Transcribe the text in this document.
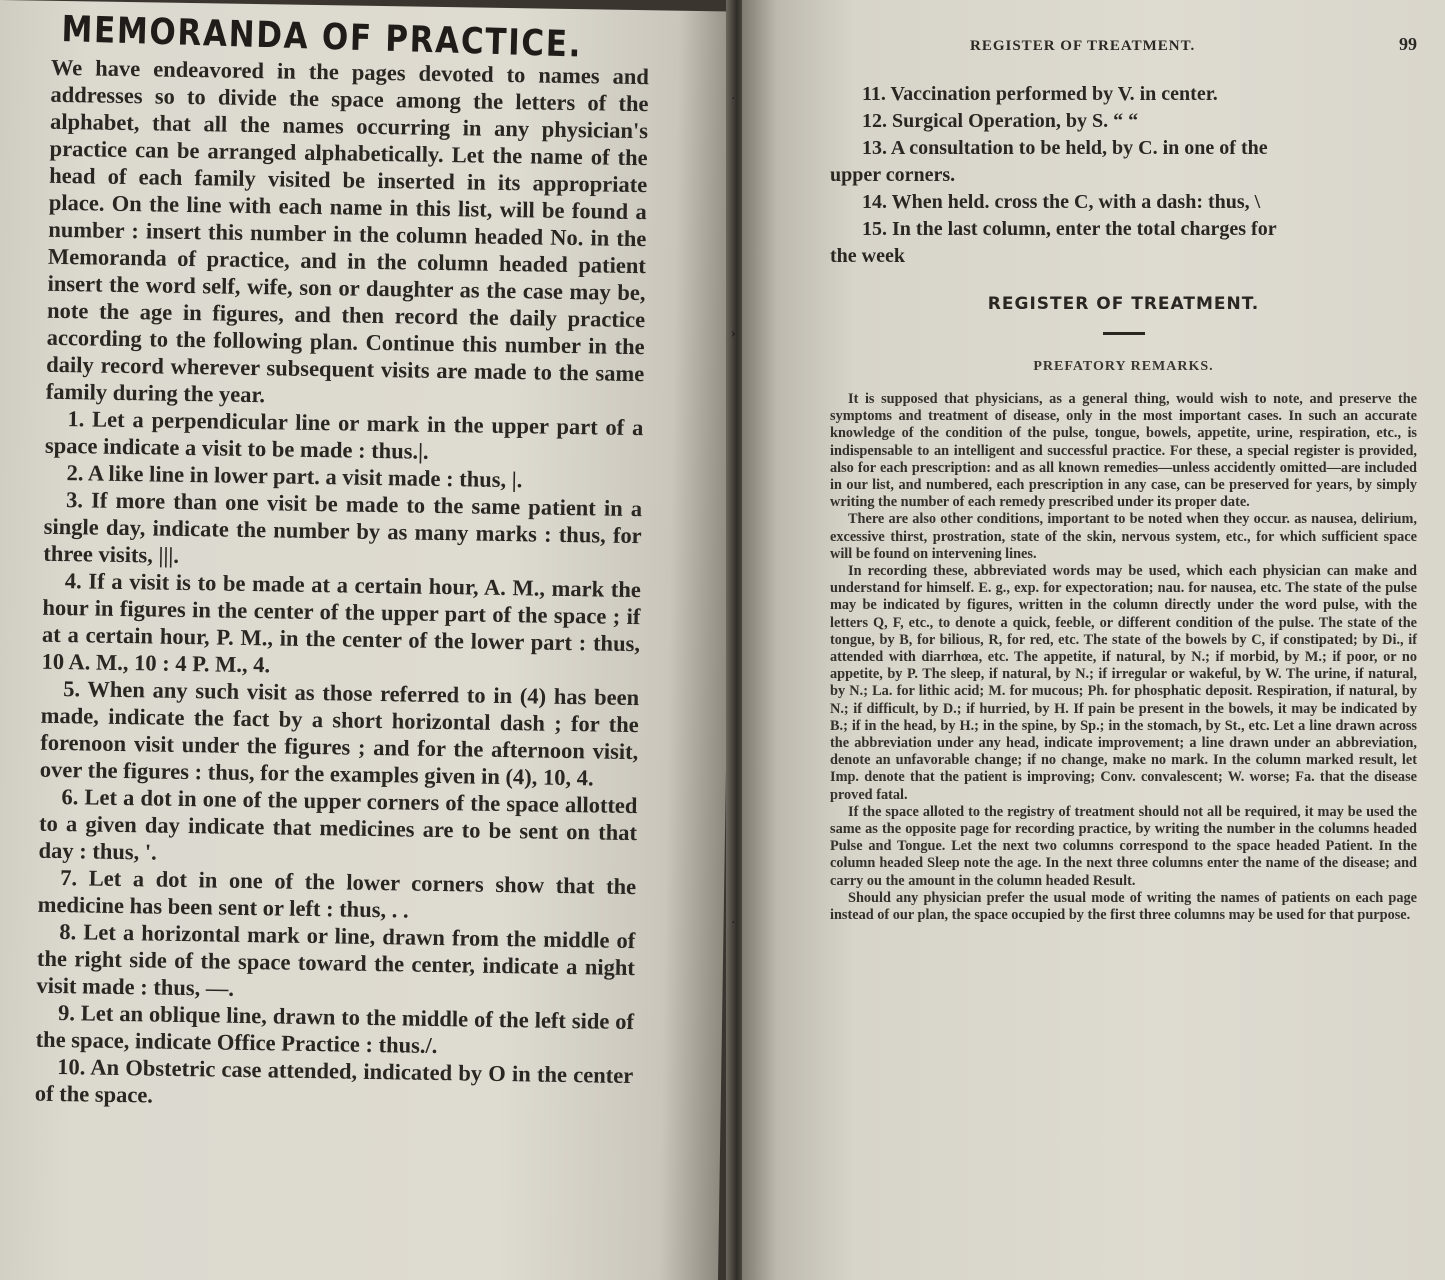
MEMORANDA OF PRACTICE.

We have endeavored in the pages devoted to names and addresses so to divide the space among the letters of the alphabet, that all the names occurring in any physician's practice can be arranged alphabetically. Let the name of the head of each family visited be inserted in its appropriate place. On the line with each name in this list, will be found a number : insert this number in the column headed No. in the Memoranda of practice, and in the column headed patient insert the word self, wife, son or daughter as the case may be, note the age in figures, and then record the daily practice according to the following plan. Continue this number in the daily record wherever subsequent visits are made to the same family during the year.

1. Let a perpendicular line or mark in the upper part of a space indicate a visit to be made : thus.|.

2. A like line in lower part. a visit made : thus, |.

3. If more than one visit be made to the same patient in a single day, indicate the number by as many marks : thus, for three visits, |||.

4. If a visit is to be made at a certain hour, A. M., mark the hour in figures in the center of the upper part of the space ; if at a certain hour, P. M., in the center of the lower part : thus, 10 A. M., 10 : 4 P. M., 4.

5. When any such visit as those referred to in (4) has been made, indicate the fact by a short horizontal dash ; for the forenoon visit under the figures ; and for the afternoon visit, over the figures : thus, for the examples given in (4), 10, 4.

6. Let a dot in one of the upper corners of the space allotted to a given day indicate that medicines are to be sent on that day : thus, '.

7. Let a dot in one of the lower corners show that the medicine has been sent or left : thus, . .

8. Let a horizontal mark or line, drawn from the middle of the right side of the space toward the center, indicate a night visit made : thus, —.

9. Let an oblique line, drawn to the middle of the left side of the space, indicate Office Practice : thus./.

10. An Obstetric case attended, indicated by O in the center of the space.

›
·
·
REGISTER OF TREATMENT.	99

11. Vaccination performed by V. in center.

12. Surgical Operation, by S. “ “

13. A consultation to be held, by C. in one of the

upper corners.

14. When held. cross the C, with a dash: thus, \

15. In the last column, enter the total charges for

the week

REGISTER OF TREATMENT.
PREFATORY REMARKS.

It is supposed that physicians, as a general thing, would wish to note, and preserve the symptoms and treatment of disease, only in the most important cases. In such an accurate knowledge of the condition of the pulse, tongue, bowels, appetite, urine, respiration, etc., is indispensable to an intelligent and successful practice. For these, a special register is provided, also for each prescription: and as all known remedies—unless accidently omitted—are included in our list, and numbered, each prescription in any case, can be preserved for years, by simply writing the number of each remedy prescribed under its proper date.

There are also other conditions, important to be noted when they occur. as nausea, delirium, excessive thirst, prostration, state of the skin, nervous system, etc., for which sufficient space will be found on intervening lines.

In recording these, abbreviated words may be used, which each physician can make and understand for himself. E. g., exp. for expectoration; nau. for nausea, etc. The state of the pulse may be indicated by figures, written in the column directly under the word pulse, with the letters Q, F, etc., to denote a quick, feeble, or different condition of the pulse. The state of the tongue, by B, for bilious, R, for red, etc. The state of the bowels by C, if constipated; by Di., if attended with diarrhœa, etc. The appetite, if natural, by N.; if morbid, by M.; if poor, or no appetite, by P. The sleep, if natural, by N.; if irregular or wakeful, by W. The urine, if natural, by N.; La. for lithic acid; M. for mucous; Ph. for phosphatic deposit. Respiration, if natural, by N.; if difficult, by D.; if hurried, by H. If pain be present in the bowels, it may be indicated by B.; if in the head, by H.; in the spine, by Sp.; in the stomach, by St., etc. Let a line drawn across the abbreviation under any head, indicate improvement; a line drawn under an abbreviation, denote an unfavorable change; if no change, make no mark. In the column marked result, let Imp. denote that the patient is improving; Conv. convalescent; W. worse; Fa. that the disease proved fatal.

If the space alloted to the registry of treatment should not all be required, it may be used the same as the opposite page for recording practice, by writing the number in the columns headed Pulse and Tongue. Let the next two columns correspond to the space headed Patient. In the column headed Sleep note the age. In the next three columns enter the name of the disease; and carry ou the amount in the column headed Result.

Should any physician prefer the usual mode of writing the names of patients on each page instead of our plan, the space occupied by the first three columns may be used for that purpose.
